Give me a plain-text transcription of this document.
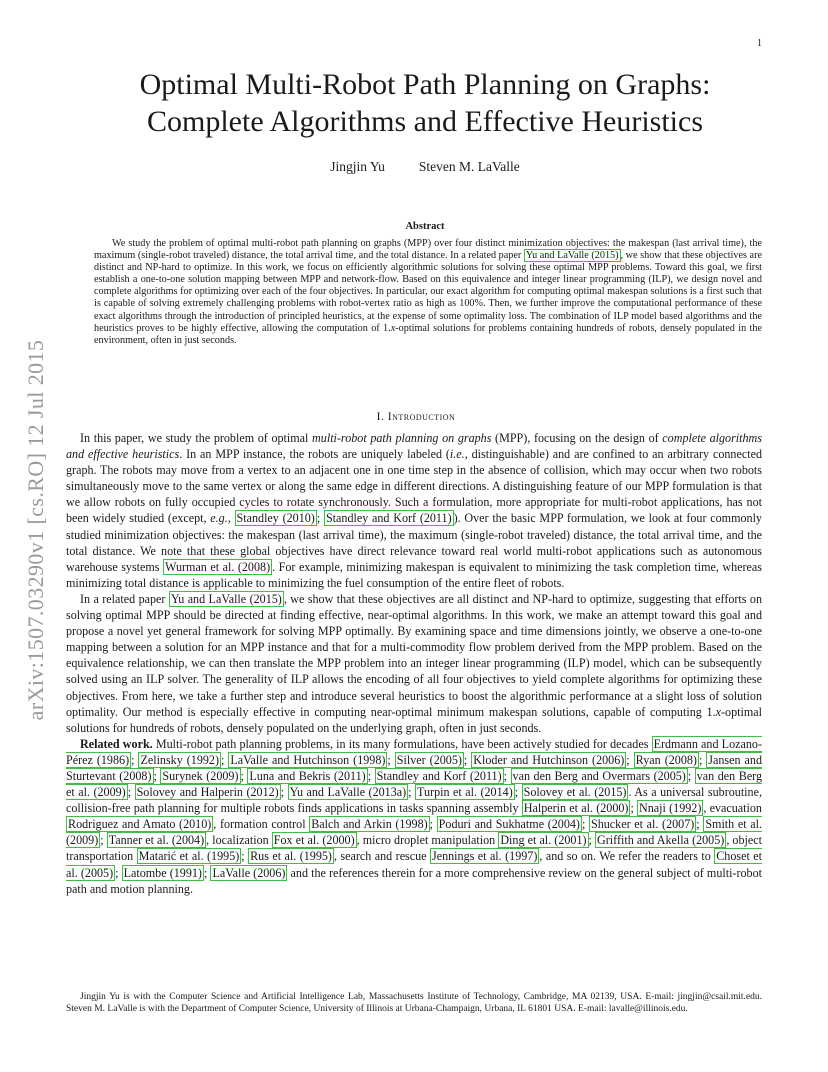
1
arXiv:1507.03290v1 [cs.RO] 12 Jul 2015
Optimal Multi-Robot Path Planning on Graphs:
Complete Algorithms and Effective Heuristics
Jingjin Yu	Steven M. LaValle
Abstract

We study the problem of optimal multi-robot path planning on graphs (MPP) over four distinct minimization objectives: the makespan (last arrival time), the maximum (single-robot traveled) distance, the total arrival time, and the total distance. In a related paper Yu and LaValle (2015) , we show that these objectives are distinct and NP-hard to optimize. In this work, we focus on efficiently algorithmic solutions for solving these optimal MPP problems. Toward this goal, we first establish a one-to-one solution mapping between MPP and network-flow. Based on this equivalence and integer linear programming (ILP), we design novel and complete algorithms for optimizing over each of the four objectives. In particular, our exact algorithm for computing optimal makespan solutions is a first such that is capable of solving extremely challenging problems with robot-vertex ratio as high as 100%. Then, we further improve the computational performance of these exact algorithms through the introduction of principled heuristics, at the expense of some optimality loss. The combination of ILP model based algorithms and the heuristics proves to be highly effective, allowing the computation of 1.x-optimal solutions for problems containing hundreds of robots, densely populated in the environment, often in just seconds.

I. Introduction

In this paper, we study the problem of optimal multi-robot path planning on graphs (MPP), focusing on the design of complete algorithms and effective heuristics. In an MPP instance, the robots are uniquely labeled (i.e., distinguishable) and are confined to an arbitrary connected graph. The robots may move from a vertex to an adjacent one in one time step in the absence of collision, which may occur when two robots simultaneously move to the same vertex or along the same edge in different directions. A distinguishing feature of our MPP formulation is that we allow robots on fully occupied cycles to rotate synchronously. Such a formulation, more appropriate for multi-robot applications, has not been widely studied (except, e.g., Standley (2010) ; Standley and Korf (2011) ). Over the basic MPP formulation, we look at four commonly studied minimization objectives: the makespan (last arrival time), the maximum (single-robot traveled) distance, the total arrival time, and the total distance. We note that these global objectives have direct relevance toward real world multi-robot applications such as autonomous warehouse systems Wurman et al. (2008) . For example, minimizing makespan is equivalent to minimizing the task completion time, whereas minimizing total distance is applicable to minimizing the fuel consumption of the entire fleet of robots.

In a related paper Yu and LaValle (2015) , we show that these objectives are all distinct and NP-hard to optimize, suggesting that efforts on solving optimal MPP should be directed at finding effective, near-optimal algorithms. In this work, we make an attempt toward this goal and propose a novel yet general framework for solving MPP optimally. By examining space and time dimensions jointly, we observe a one-to-one mapping between a solution for an MPP instance and that for a multi-commodity flow problem derived from the MPP problem. Based on the equivalence relationship, we can then translate the MPP problem into an integer linear programming (ILP) model, which can be subsequently solved using an ILP solver. The generality of ILP allows the encoding of all four objectives to yield complete algorithms for optimizing these objectives. From here, we take a further step and introduce several heuristics to boost the algorithmic performance at a slight loss of solution optimality. Our method is especially effective in computing near-optimal minimum makespan solutions, capable of computing 1.x-optimal solutions for hundreds of robots, densely populated on the underlying graph, often in just seconds.

Related work. Multi-robot path planning problems, in its many formulations, have been actively studied for decades Erdmann and Lozano-Pérez (1986) ; Zelinsky (1992) ; LaValle and Hutchinson (1998) ; Silver (2005) ; Kloder and Hutchinson (2006) ; Ryan (2008) ; Jansen and Sturtevant (2008) ; Surynek (2009) ; Luna and Bekris (2011) ; Standley and Korf (2011) ; van den Berg and Overmars (2005) ; van den Berg et al. (2009) ; Solovey and Halperin (2012) ; Yu and LaValle (2013a) ; Turpin et al. (2014) ; Solovey et al. (2015) . As a universal subroutine, collision-free path planning for multiple robots finds applications in tasks spanning assembly Halperin et al. (2000) ; Nnaji (1992) , evacuation Rodriguez and Amato (2010) , formation control Balch and Arkin (1998) ; Poduri and Sukhatme (2004) ; Shucker et al. (2007) ; Smith et al. (2009) ; Tanner et al. (2004) , localization Fox et al. (2000) , micro droplet manipulation Ding et al. (2001) ; Griffith and Akella (2005) , object transportation Matarić et al. (1995) ; Rus et al. (1995) , search and rescue Jennings et al. (1997) , and so on. We refer the readers to Choset et al. (2005) ; Latombe (1991) ; LaValle (2006) and the references therein for a more comprehensive review on the general subject of multi-robot path and motion planning.

Jingjin Yu is with the Computer Science and Artificial Intelligence Lab, Massachusetts Institute of Technology, Cambridge, MA 02139, USA. E-mail: jingjin@csail.mit.edu. Steven M. LaValle is with the Department of Computer Science, University of Illinois at Urbana-Champaign, Urbana, IL 61801 USA. E-mail: lavalle@illinois.edu.
